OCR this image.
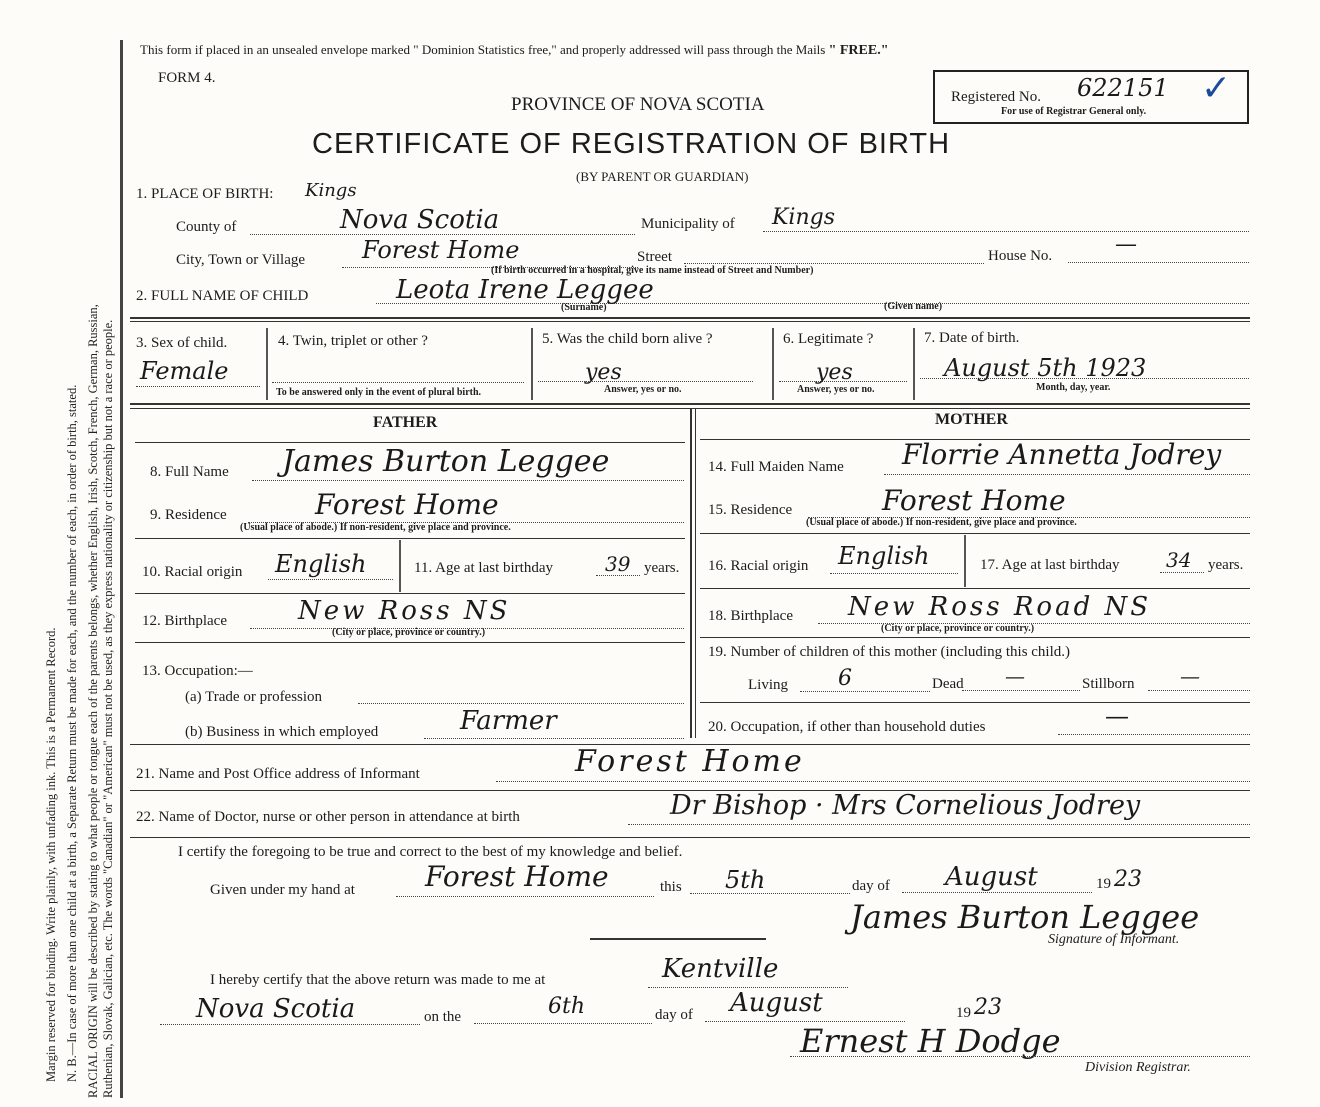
RACIAL ORIGIN will be described by stating to what people or tongue each of the parents belongs, whether English, Irish, Scotch, French, German, Russian, Ruthenian, Slovak, Galician, etc. The words "Canadian" or "American" must not be used, as they express nationality or citizenship but not a race or people.
N. B.—In case of more than one child at a birth, a Separate Return must be made for each, and the number of each, in order of birth, stated.
Margin reserved for binding. Write plainly, with unfading ink. This is a Permanent Record.
This form if placed in an unsealed envelope marked " Dominion Statistics free," and properly addressed will pass through the Mails " FREE."
FORM 4.
PROVINCE OF NOVA SCOTIA
CERTIFICATE OF REGISTRATION OF BIRTH
(BY PARENT OR GUARDIAN)
Registered No. 622151 ✓
For use of Registrar General only.
1. PLACE OF BIRTH: Kings
County of	Nova Scotia	Municipality of Kings
City, Town or Village Forest Home	Street	House No.	—
(If birth occurred in a hospital, give its name instead of Street and Number)
2. FULL NAME OF CHILD	Leota Irene Leggee
(Surname)	(Given name)
3. Sex of child.
Female
4. Twin, triplet or other ?
To be answered only in the event of plural birth.
5. Was the child born alive ?
yes
Answer, yes or no.
6. Legitimate ?
yes
Answer, yes or no.
7. Date of birth.
August 5th 1923
Month, day, year.
FATHER	MOTHER
8. Full Name James Burton Leggee
9. Residence	Forest Home
(Usual place of abode.) If non-resident, give place and province.
10. Racial origin English	11. Age at last birthday	39 years.
12. Birthplace	New Ross NS
(City or place, province or country.)
13. Occupation:—
(a) Trade or profession
(b) Business in which employed	Farmer
14. Full Maiden Name Florrie Annetta Jodrey
15. Residence	Forest Home
(Usual place of abode.) If non-resident, give place and province.
16. Racial origin English	17. Age at last birthday 34 years.
18. Birthplace New Ross Road NS
(City or place, province or country.)
19. Number of children of this mother (including this child.)
Living 6	Dead —	Stillborn —
20. Occupation, if other than household duties	—
21. Name and Post Office address of Informant	Forest Home
22. Name of Doctor, nurse or other person in attendance at birth	Dr Bishop · Mrs Cornelious Jodrey
I certify the foregoing to be true and correct to the best of my knowledge and belief.
Given under my hand at	Forest Home	this 5th	day of August	19 23
James Burton Leggee
Signature of Informant.
I hereby certify that the above return was made to me at	Kentville
Nova Scotia	on the	6th	day of August	19 23
Ernest H Dodge
Division Registrar.
